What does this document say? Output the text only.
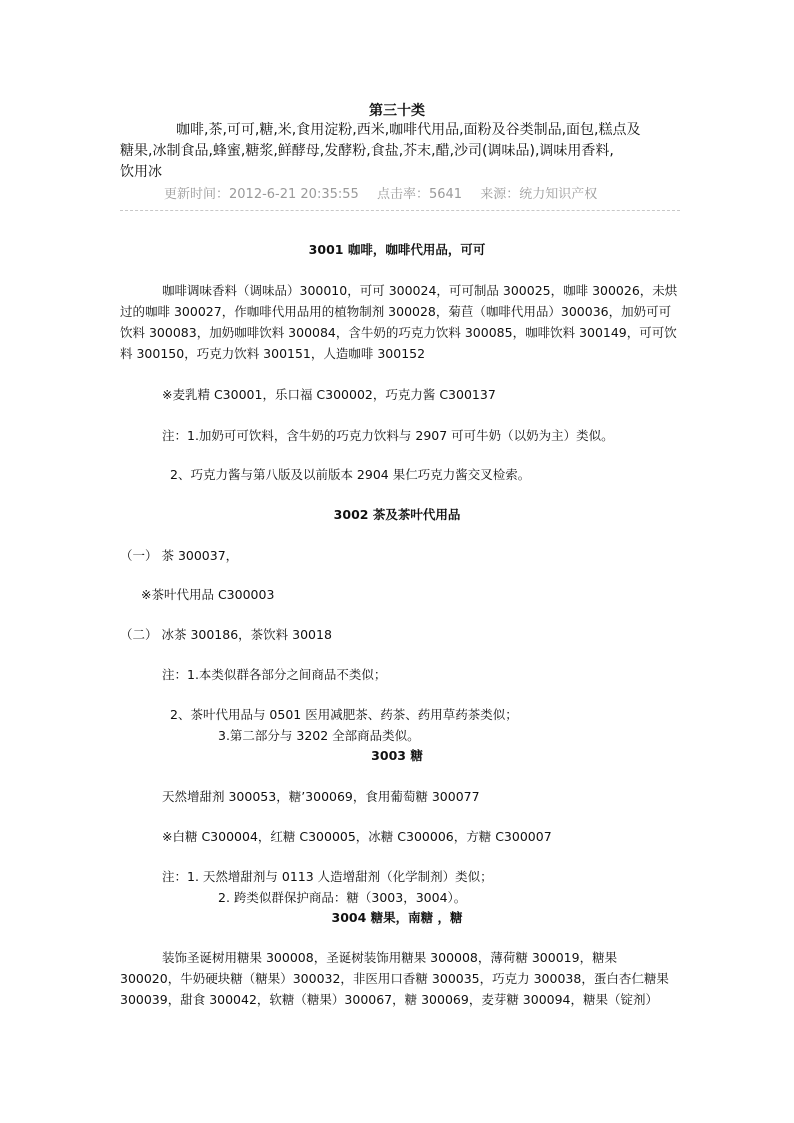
第三十类
咖啡,茶,可可,糖,米,食用淀粉,西米,咖啡代用品,面粉及谷类制品,面包,糕点及
糖果,冰制食品,蜂蜜,糖浆,鲜酵母,发酵粉,食盐,芥末,醋,沙司(调味品),调味用香料,
饮用冰
更新时间：2012-6-21 20:35:55 点击率：5641 来源：统力知识产权
3001 咖啡，咖啡代用品，可可
咖啡调味香料（调味品）300010，可可 300024，可可制品 300025，咖啡 300026，未烘过的咖啡 300027，作咖啡代用品用的植物制剂 300028，菊苣（咖啡代用品）300036，加奶可可饮料 300083，加奶咖啡饮料 300084，含牛奶的巧克力饮料 300085，咖啡饮料 300149，可可饮料 300150，巧克力饮料 300151，人造咖啡 300152
※麦乳精 C30001，乐口福 C300002，巧克力酱 C300137
注：1.加奶可可饮料，含牛奶的巧克力饮料与 2907 可可牛奶（以奶为主）类似。
2、巧克力酱与第八版及以前版本 2904 果仁巧克力酱交叉检索。
3002 茶及茶叶代用品
（一） 茶 300037，
※茶叶代用品 C300003
（二） 冰茶 300186，茶饮料 30018
注：1.本类似群各部分之间商品不类似；
2、茶叶代用品与 0501 医用减肥茶、药茶、药用草药茶类似；
3.第二部分与 3202 全部商品类似。
3003 糖
天然增甜剂 300053，糖’300069，食用葡萄糖 300077
※白糖 C300004，红糖 C300005，冰糖 C300006，方糖 C300007
注：1. 天然增甜剂与 0113 人造增甜剂（化学制剂）类似；
2. 跨类似群保护商品：糖（3003，3004）。
3004 糖果，南糖 ，糖
装饰圣诞树用糖果 300008，圣诞树装饰用糖果 300008，薄荷糖 300019，糖果 300020，牛奶硬块糖（糖果）300032，非医用口香糖 300035，巧克力 300038，蛋白杏仁糖果 300039，甜食 300042，软糖（糖果）300067，糖 300069，麦芽糖 300094，糖果（锭剂）
